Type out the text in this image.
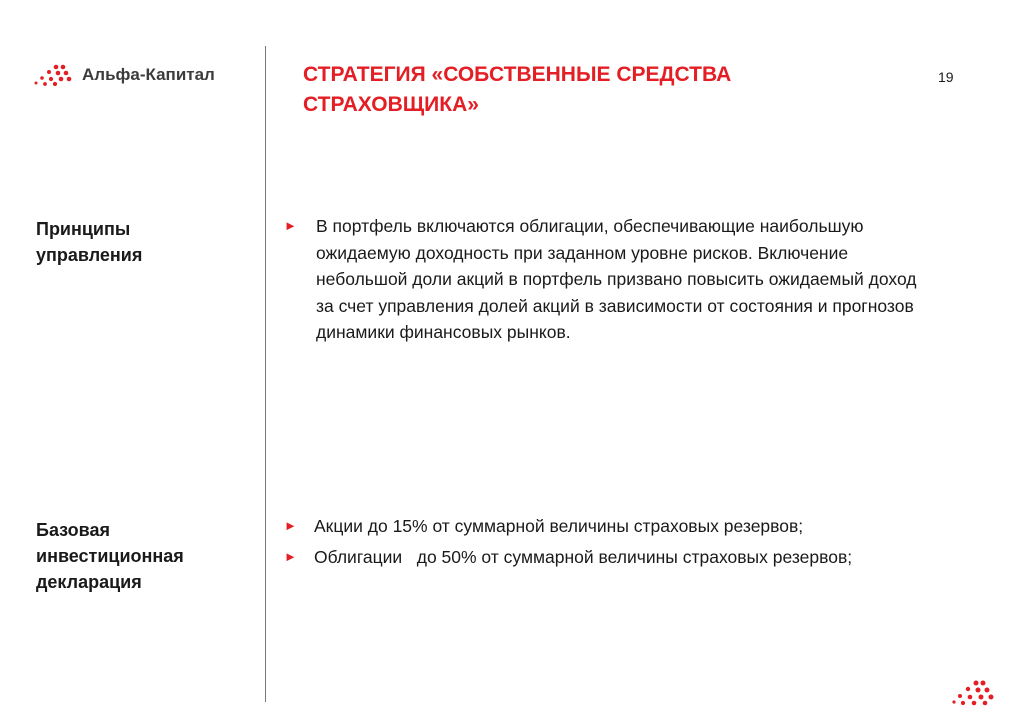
Альфа-Капитал	СТРАТЕГИЯ «СОБСТВЕННЫЕ СРЕДСТВА СТРАХОВЩИКА»
19
Принципы управления
►	В портфель включаются облигации, обеспечивающие наибольшую ожидаемую доходность при заданном уровне рисков. Включение небольшой доли акций в портфель призвано повысить ожидаемый доход за счет управления долей акций в зависимости от состояния и прогнозов динамики финансовых рынков.
Базовая инвестиционная декларация
► Акции до 15% от суммарной величины страховых резервов;
► Облигации   до 50% от суммарной величины страховых резервов;
